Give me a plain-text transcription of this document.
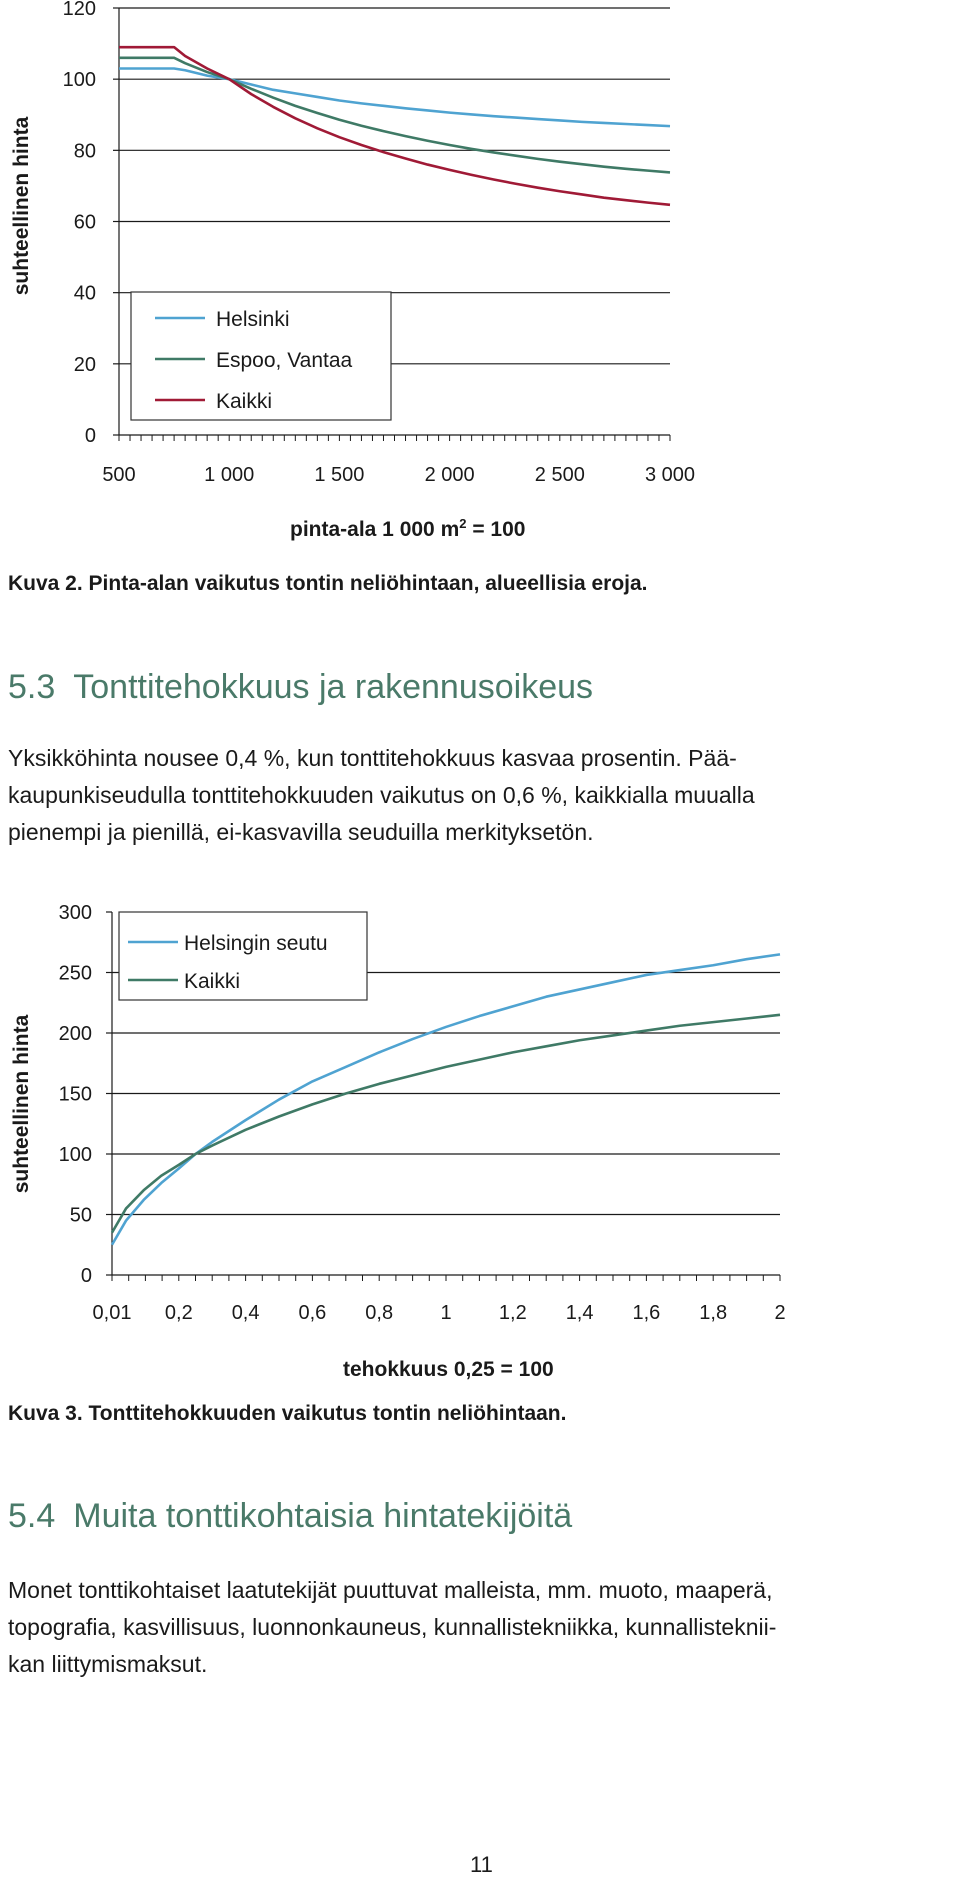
0
20
40
60
80
100
120
500	1 000	1 500	2 000	2 500	3 000
suhteellinen hinta
Helsinki
Espoo, Vantaa
Kaikki
pinta-ala 1 000 $m^2 = 100$
Kuva 2. Pinta-alan vaikutus tontin neliöhintaan, alueellisia eroja.
5.3 Tonttitehokkuus ja rakennusoikeus
Yksikköhinta nousee 0,4 %, kun tonttitehokkuus kasvaa prosentin. Pää-
kaupunkiseudulla tonttitehokkuuden vaikutus on 0,6 %, kaikkialla muualla
pienempi ja pienillä, ei-kasvavilla seuduilla merkityksetön.
0
50
100
150
200
250
300
0,01 0,2 0,4 0,6 0,8 1 1,2 1,4 1,6 1,8 2
suhteellinen hinta
Helsingin seutu
Kaikki
tehokkuus 0,25 = 100
Kuva 3. Tonttitehokkuuden vaikutus tontin neliöhintaan.
5.4 Muita tonttikohtaisia hintatekijöitä
Monet tonttikohtaiset laatutekijät puuttuvat malleista, mm. muoto, maaperä,
topografia, kasvillisuus, luonnonkauneus, kunnallistekniikka, kunnallisteknii-
kan liittymismaksut.
11
